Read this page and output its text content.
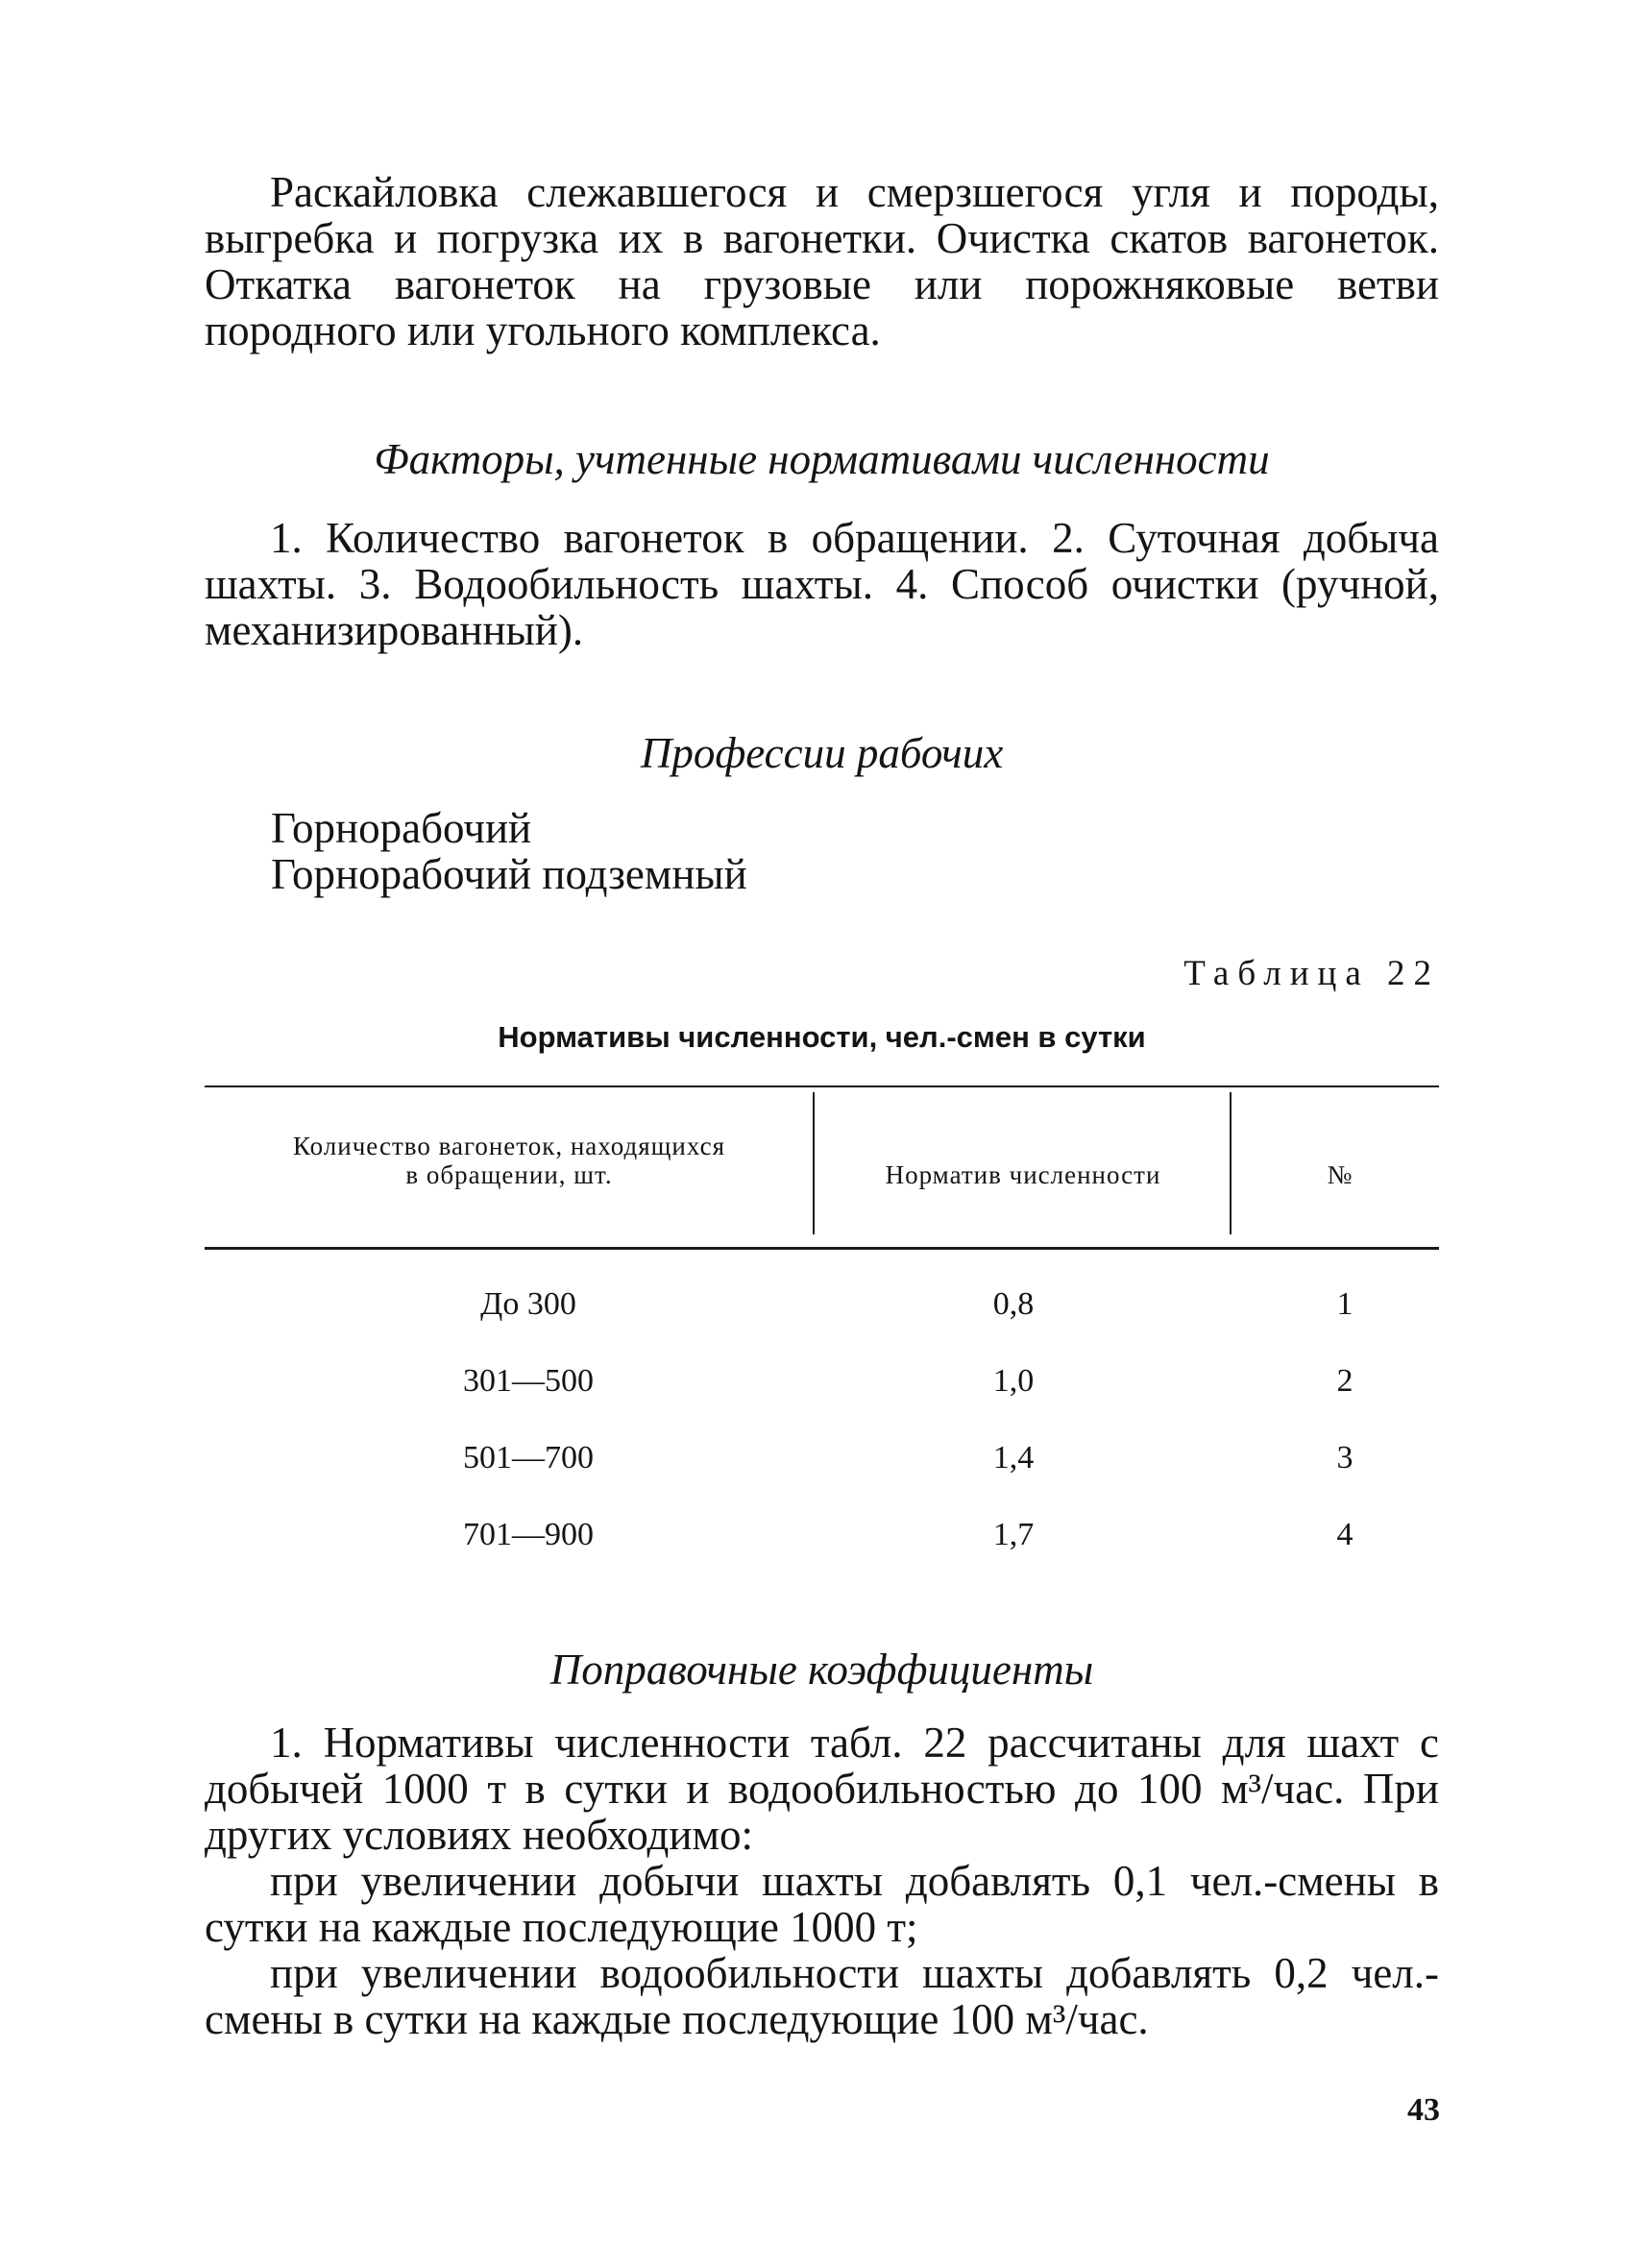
Раскайловка слежавшегося и смерзшегося угля и породы, выгребка и погрузка их в вагонетки. Очистка скатов вагонеток. Откатка вагонеток на грузовые или порожняковые ветви породного или угольного комплекса.

Факторы, учтенные нормативами численности

1. Количество вагонеток в обращении. 2. Суточная добыча шахты. 3. Водообильность шахты. 4. Способ очистки (ручной, механизированный).

Профессии рабочих
Горнорабочий
Горнорабочий подземный
Таблица 22
Нормативы численности, чел.-смен в сутки
Количество вагонеток, находящихся в обращении, шт.	Норматив численности	№
До 300	0,8	1
301—500	1,0	2
501—700	1,4	3
701—900	1,7	4
Поправочные коэффициенты

1. Нормативы численности табл. 22 рассчитаны для шахт с добычей 1000 т в сутки и водообильностью до 100 м³/час. При других условиях необходимо:

при увеличении добычи шахты добавлять 0,1 чел.-смены в сутки на каждые последующие 1000 т;

при увеличении водообильности шахты добавлять 0,2 чел.-смены в сутки на каждые последующие 100 м³/час.

43
